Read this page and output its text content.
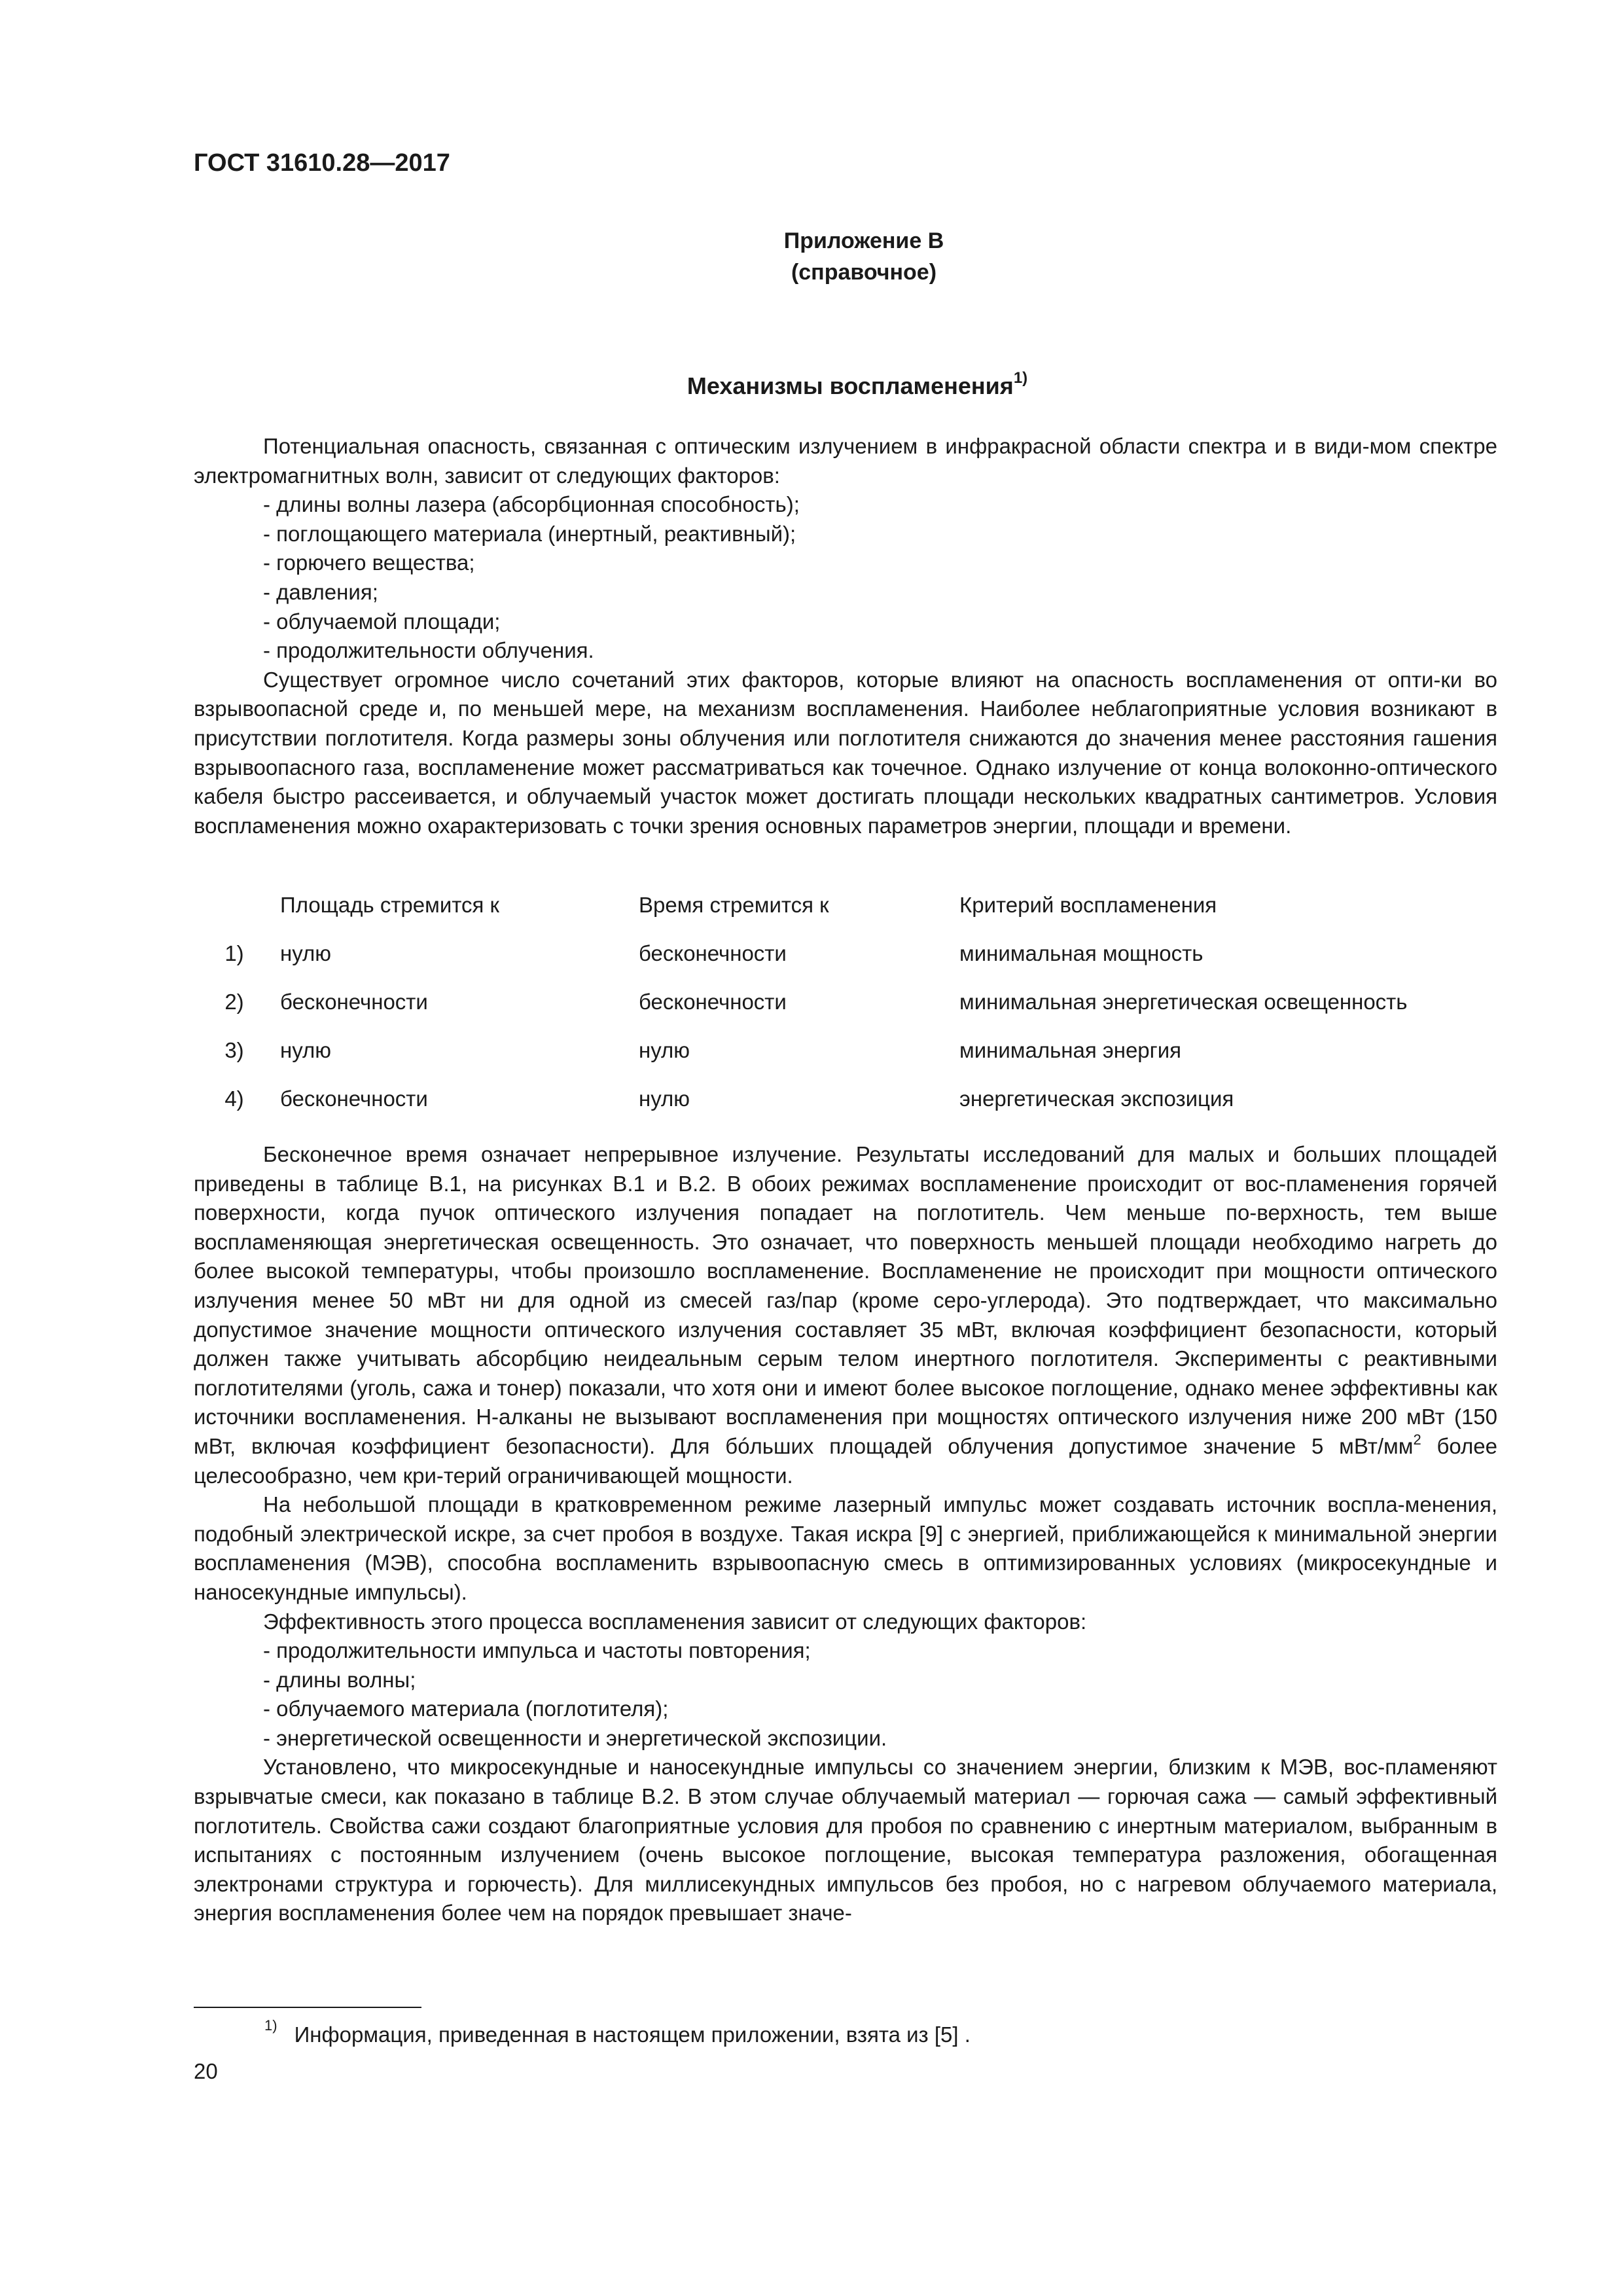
ГОСТ 31610.28—2017
Приложение В
(справочное)
Механизмы воспламенения$^{1)}$

Потенциальная опасность, связанная с оптическим излучением в инфракрасной области спектра и в види-мом спектре электромагнитных волн, зависит от следующих факторов:

- длины волны лазера (абсорбционная способность);
- поглощающего материала (инертный, реактивный);
- горючего вещества;
- давления;
- облучаемой площади;
- продолжительности облучения.

Существует огромное число сочетаний этих факторов, которые влияют на опасность воспламенения от опти-ки во взрывоопасной среде и, по меньшей мере, на механизм воспламенения. Наиболее неблагоприятные условия возникают в присутствии поглотителя. Когда размеры зоны облучения или поглотителя снижаются до значения менее расстояния гашения взрывоопасного газа, воспламенение может рассматриваться как точечное. Однако излучение от конца волоконно-оптического кабеля быстро рассеивается, и облучаемый участок может достигать площади нескольких квадратных сантиметров. Условия воспламенения можно охарактеризовать с точки зрения основных параметров энергии, площади и времени.

	Площадь стремится к	Время стремится к	Критерий воспламенения
1)	нулю	бесконечности	минимальная мощность
2)	бесконечности	бесконечности	минимальная энергетическая освещенность
3)	нулю	нулю	минимальная энергия
4)	бесконечности	нулю	энергетическая экспозиция

Бесконечное время означает непрерывное излучение. Результаты исследований для малых и больших площадей приведены в таблице В.1, на рисунках В.1 и В.2. В обоих режимах воспламенение происходит от вос-пламенения горячей поверхности, когда пучок оптического излучения попадает на поглотитель. Чем меньше по-верхность, тем выше воспламеняющая энергетическая освещенность. Это означает, что поверхность меньшей площади необходимо нагреть до более высокой температуры, чтобы произошло воспламенение. Воспламенение не происходит при мощности оптического излучения менее 50 мВт ни для одной из смесей газ/пар (кроме серо-углерода). Это подтверждает, что максимально допустимое значение мощности оптического излучения составляет 35 мВт, включая коэффициент безопасности, который должен также учитывать абсорбцию неидеальным серым телом инертного поглотителя. Эксперименты с реактивными поглотителями (уголь, сажа и тонер) показали, что хотя они и имеют более высокое поглощение, однако менее эффективны как источники воспламенения. Н-алканы не вызывают воспламенения при мощностях оптического излучения ниже 200 мВт (150 мВт, включая коэффициент безопасности). Для бóльших площадей облучения допустимое значение 5 мВт/$мм^2$ более целесообразно, чем кри-терий ограничивающей мощности.

На небольшой площади в кратковременном режиме лазерный импульс может создавать источник воспла-менения, подобный электрической искре, за счет пробоя в воздухе. Такая искра [9] с энергией, приближающейся к минимальной энергии воспламенения (МЭВ), способна воспламенить взрывоопасную смесь в оптимизированных условиях (микросекундные и наносекундные импульсы).

Эффективность этого процесса воспламенения зависит от следующих факторов:

- продолжительности импульса и частоты повторения;
- длины волны;
- облучаемого материала (поглотителя);
- энергетической освещенности и энергетической экспозиции.

Установлено, что микросекундные и наносекундные импульсы со значением энергии, близким к МЭВ, вос-пламеняют взрывчатые смеси, как показано в таблице В.2. В этом случае облучаемый материал — горючая сажа — самый эффективный поглотитель. Свойства сажи создают благоприятные условия для пробоя по сравнению с инертным материалом, выбранным в испытаниях с постоянным излучением (очень высокое поглощение, высокая температура разложения, обогащенная электронами структура и горючесть). Для миллисекундных импульсов без пробоя, но с нагревом облучаемого материала, энергия воспламенения более чем на порядок превышает значе-

$^{1)}$ Информация, приведенная в настоящем приложении, взята из [5] .
20
